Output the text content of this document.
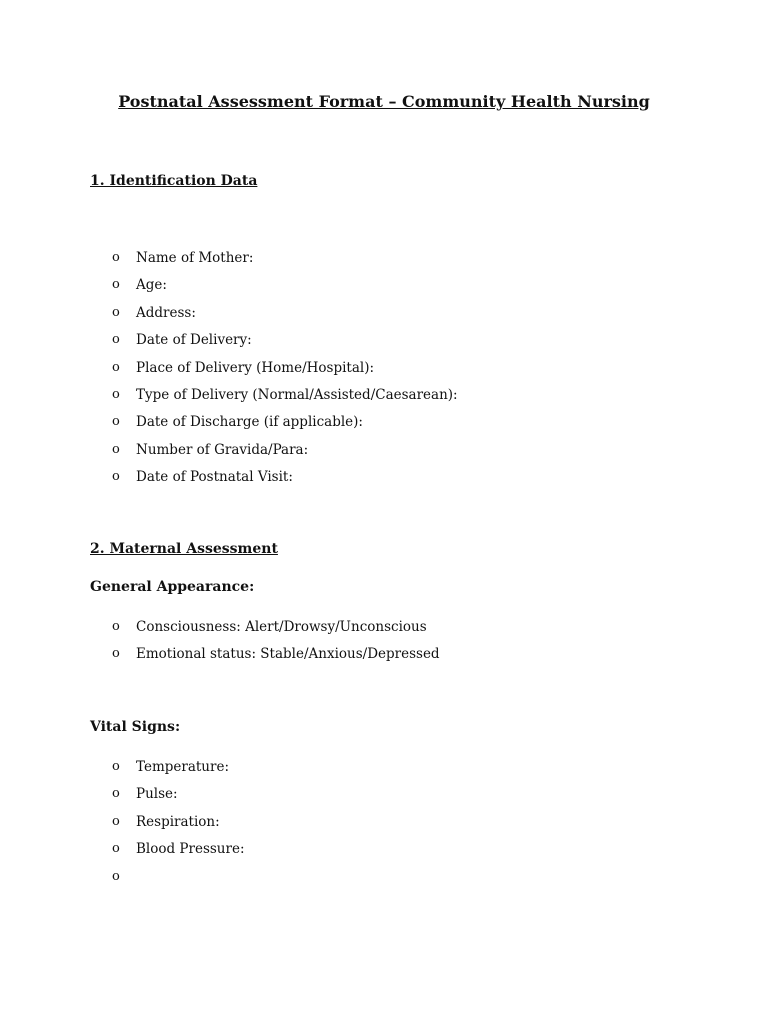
Postnatal Assessment Format – Community Health Nursing
1. Identification Data
o Name of Mother:
o Age:
o Address:
o Date of Delivery:
o Place of Delivery (Home/Hospital):
o Type of Delivery (Normal/Assisted/Caesarean):
o Date of Discharge (if applicable):
o Number of Gravida/Para:
o Date of Postnatal Visit:
2. Maternal Assessment
General Appearance:
o Consciousness: Alert/Drowsy/Unconscious
o Emotional status: Stable/Anxious/Depressed
Vital Signs:
o Temperature:
o Pulse:
o Respiration:
o Blood Pressure:
o
